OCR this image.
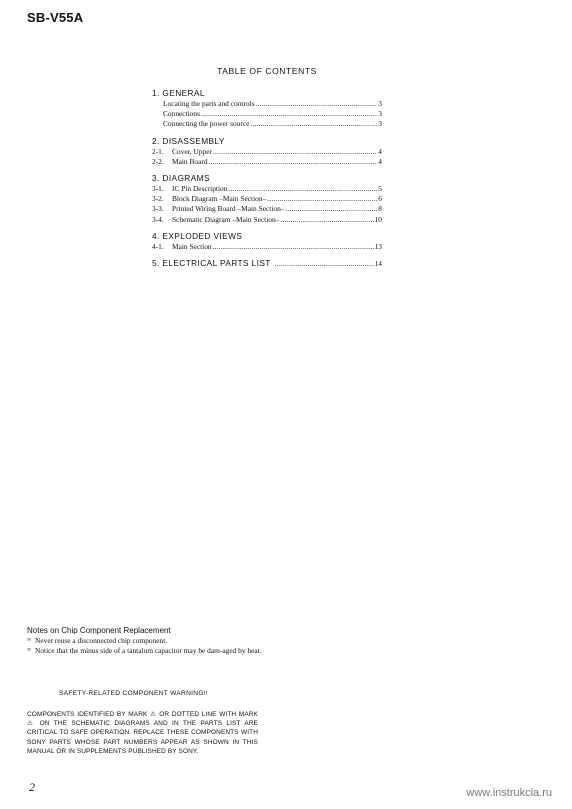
SB-V55A
TABLE OF CONTENTS
1. GENERAL
Locating the parts and controls .....	3
Connections .....	3
Connecting the power source .....	3
2. DISASSEMBLY
2-1.	Cover, Upper .....	4
2-2.	Main Board .....	4
3. DIAGRAMS
3-1.	IC Pin Description .....	5
3-2.	Block Diagram –Main Section– .....	6
3-3.	Printed Wiring Board –Main Section– .....	8
3-4.	Schematic Diagram –Main Section– .....	10
4. EXPLODED VIEWS
4-1.	Main Section .....	13
5. ELECTRICAL PARTS LIST .....	14
Notes on Chip Component Replacement
∞ Never reuse a disconnected chip component.
∞ Notice that the minus side of a tantalum capacitor may be dam-aged by heat.
SAFETY-RELATED COMPONENT WARNING!!
COMPONENTS IDENTIFIED BY MARK ⚠ OR DOTTED LINE WITH MARK ⚠ ON THE SCHEMATIC DIAGRAMS AND IN THE PARTS LIST ARE CRITICAL TO SAFE OPERATION. REPLACE THESE COMPONENTS WITH SONY PARTS WHOSE PART NUMBERS APPEAR AS SHOWN IN THIS MANUAL OR IN SUPPLEMENTS PUBLISHED BY SONY.
2	www.instrukcia.ru
